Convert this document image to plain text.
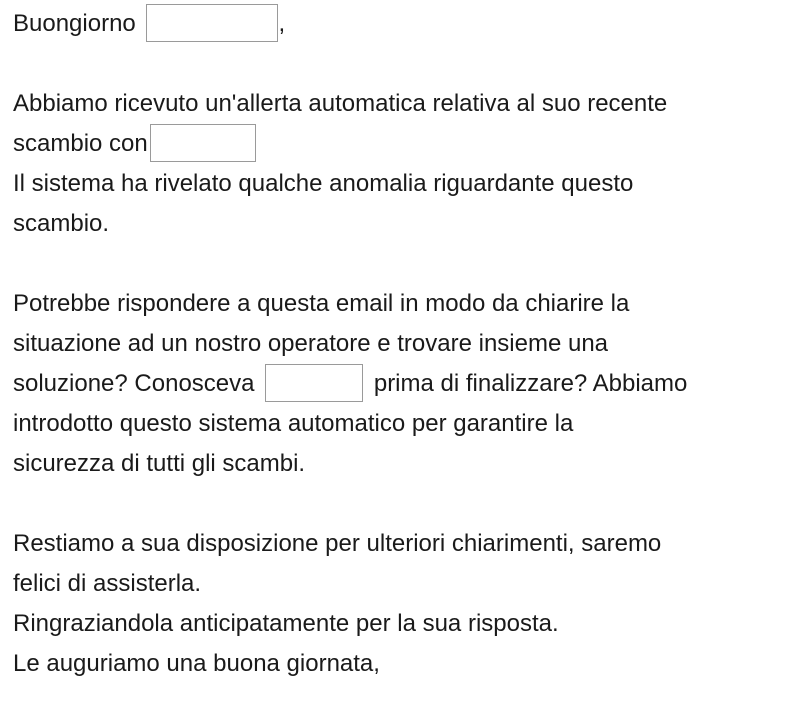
Buongiorno	,
Abbiamo ricevuto un'allerta automatica relativa al suo recente
scambio con
Il sistema ha rivelato qualche anomalia riguardante questo
scambio.
Potrebbe rispondere a questa email in modo da chiarire la
situazione ad un nostro operatore e trovare insieme una
soluzione? Conosceva	prima di finalizzare? Abbiamo
introdotto questo sistema automatico per garantire la
sicurezza di tutti gli scambi.
Restiamo a sua disposizione per ulteriori chiarimenti, saremo
felici di assisterla.
Ringraziandola anticipatamente per la sua risposta.
Le auguriamo una buona giornata,
